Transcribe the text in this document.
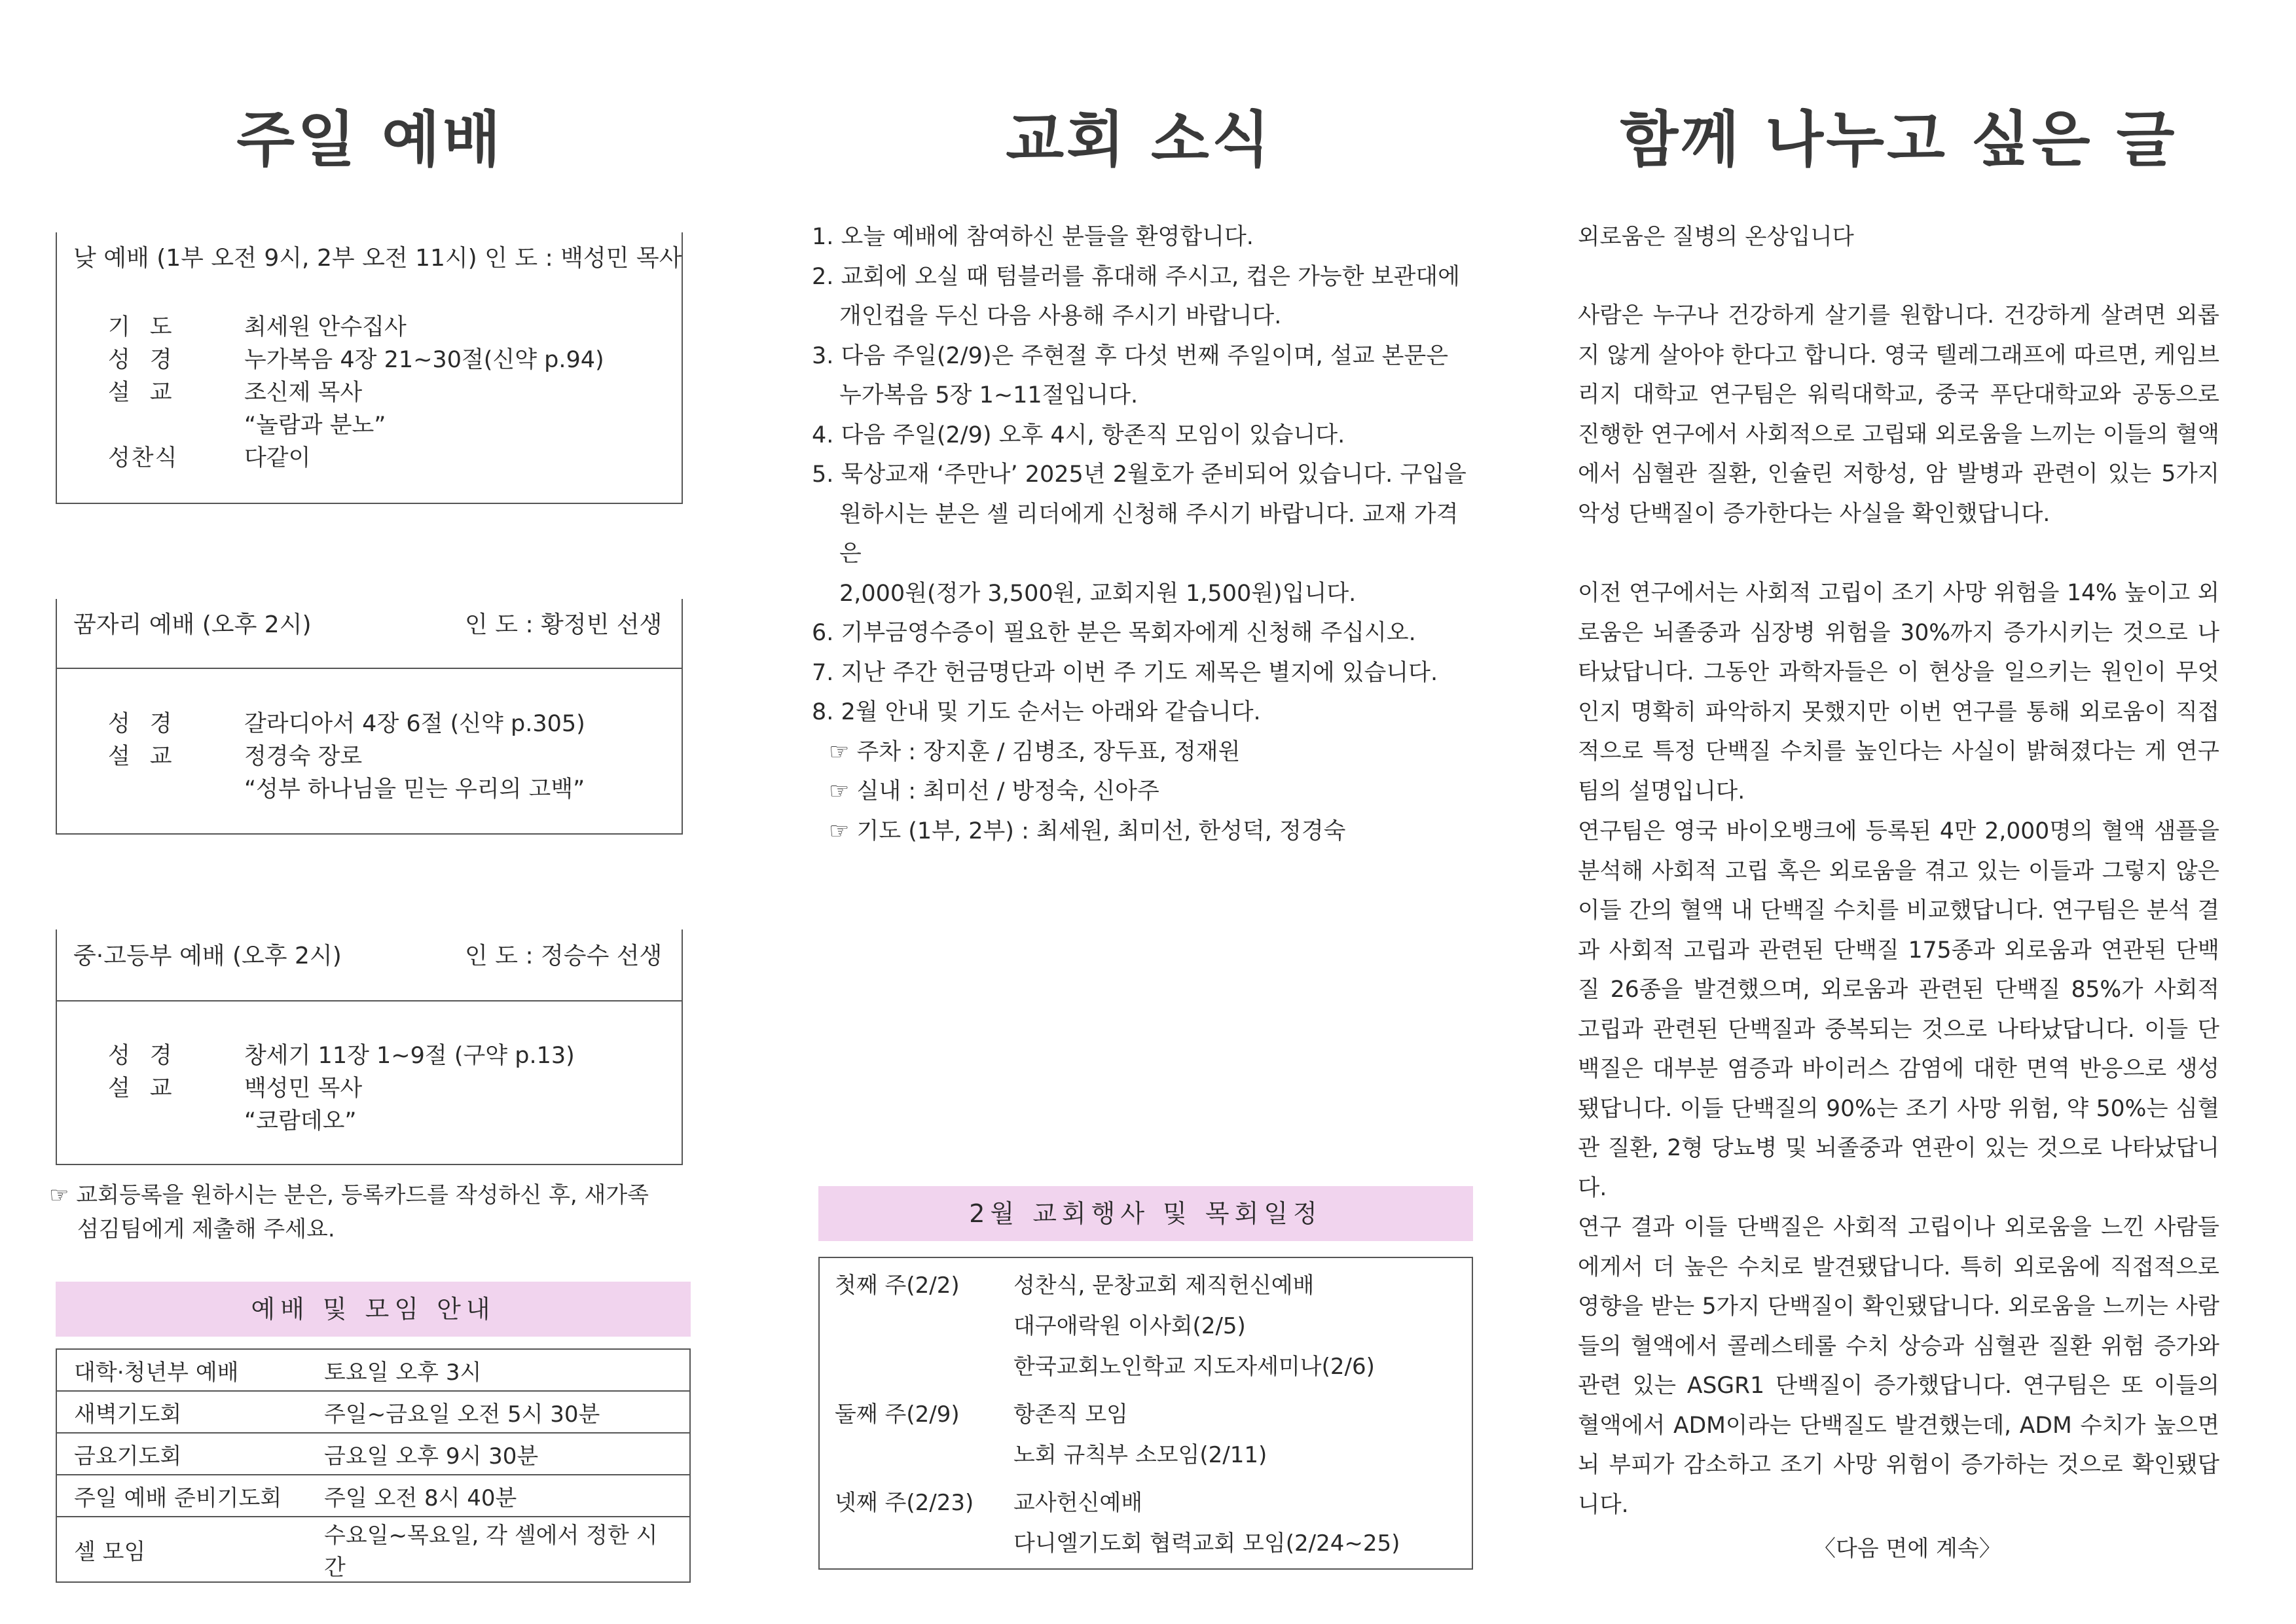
주일 예배
낮 예배 (1부 오전 9시, 2부 오전 11시) 인 도 : 백성민 목사
기도 최세원 안수집사
성경 누가복음 4장 21~30절(신약 p.94)
설교 조신제 목사
“놀람과 분노”
성찬식	다같이
꿈자리 예배 (오후 2시)	인 도 : 황정빈 선생
성경 갈라디아서 4장 6절 (신약 p.305)
설교 정경숙 장로
“성부 하나님을 믿는 우리의 고백”
중·고등부 예배 (오후 2시)	인 도 : 정승수 선생
성경 창세기 11장 1~9절 (구약 p.13)
설교 백성민 목사
“코람데오”
☞ 교회등록을 원하시는 분은, 등록카드를 작성하신 후, 새가족
섬김팀에게 제출해 주세요.
예배 및 모임 안내
대학·청년부 예배	토요일 오후 3시
새벽기도회	주일~금요일 오전 5시 30분
금요기도회	금요일 오후 9시 30분
주일 예배 준비기도회	주일 오전 8시 40분
셀 모임	수요일~목요일, 각 셀에서 정한 시간
교회 소식
1. 오늘 예배에 참여하신 분들을 환영합니다.
2. 교회에 오실 때 텀블러를 휴대해 주시고, 컵은 가능한 보관대에
개인컵을 두신 다음 사용해 주시기 바랍니다.
3. 다음 주일(2/9)은 주현절 후 다섯 번째 주일이며, 설교 본문은
누가복음 5장 1~11절입니다.
4. 다음 주일(2/9) 오후 4시, 항존직 모임이 있습니다.
5. 묵상교재 ‘주만나’ 2025년 2월호가 준비되어 있습니다. 구입을
원하시는 분은 셀 리더에게 신청해 주시기 바랍니다. 교재 가격은
2,000원(정가 3,500원, 교회지원 1,500원)입니다.
6. 기부금영수증이 필요한 분은 목회자에게 신청해 주십시오.
7. 지난 주간 헌금명단과 이번 주 기도 제목은 별지에 있습니다.
8. 2월 안내 및 기도 순서는 아래와 같습니다.
☞ 주차 : 장지훈 / 김병조, 장두표, 정재원
☞ 실내 : 최미선 / 방정숙, 신아주
☞ 기도 (1부, 2부) : 최세원, 최미선, 한성덕, 정경숙
2월 교회행사 및 목회일정
첫째 주(2/2) 성찬식, 문창교회 제직헌신예배
대구애락원 이사회(2/5)
한국교회노인학교 지도자세미나(2/6)
둘째 주(2/9) 항존직 모임
노회 규칙부 소모임(2/11)
넷째 주(2/23) 교사헌신예배
다니엘기도회 협력교회 모임(2/24~25)
함께 나누고 싶은 글
외로움은 질병의 온상입니다
사람은 누구나 건강하게 살기를 원합니다. 건강하게 살려면 외롭지 않게 살아야 한다고 합니다. 영국 텔레그래프에 따르면, 케임브리지 대학교 연구팀은 워릭대학교, 중국 푸단대학교와 공동으로 진행한 연구에서 사회적으로 고립돼 외로움을 느끼는 이들의 혈액에서 심혈관 질환, 인슐린 저항성, 암 발병과 관련이 있는 5가지 악성 단백질이 증가한다는 사실을 확인했답니다.
이전 연구에서는 사회적 고립이 조기 사망 위험을 14% 높이고 외로움은 뇌졸중과 심장병 위험을 30%까지 증가시키는 것으로 나타났답니다. 그동안 과학자들은 이 현상을 일으키는 원인이 무엇인지 명확히 파악하지 못했지만 이번 연구를 통해 외로움이 직접적으로 특정 단백질 수치를 높인다는 사실이 밝혀졌다는 게 연구팀의 설명입니다.
연구팀은 영국 바이오뱅크에 등록된 4만 2,000명의 혈액 샘플을 분석해 사회적 고립 혹은 외로움을 겪고 있는 이들과 그렇지 않은 이들 간의 혈액 내 단백질 수치를 비교했답니다. 연구팀은 분석 결과 사회적 고립과 관련된 단백질 175종과 외로움과 연관된 단백질 26종을 발견했으며, 외로움과 관련된 단백질 85%가 사회적 고립과 관련된 단백질과 중복되는 것으로 나타났답니다. 이들 단백질은 대부분 염증과 바이러스 감염에 대한 면역 반응으로 생성됐답니다. 이들 단백질의 90%는 조기 사망 위험, 약 50%는 심혈관 질환, 2형 당뇨병 및 뇌졸중과 연관이 있는 것으로 나타났답니다.
연구 결과 이들 단백질은 사회적 고립이나 외로움을 느낀 사람들에게서 더 높은 수치로 발견됐답니다. 특히 외로움에 직접적으로 영향을 받는 5가지 단백질이 확인됐답니다. 외로움을 느끼는 사람들의 혈액에서 콜레스테롤 수치 상승과 심혈관 질환 위험 증가와 관련 있는 ASGR1 단백질이 증가했답니다. 연구팀은 또 이들의 혈액에서 ADM이라는 단백질도 발견했는데, ADM 수치가 높으면 뇌 부피가 감소하고 조기 사망 위험이 증가하는 것으로 확인됐답니다.
〈다음 면에 계속〉
